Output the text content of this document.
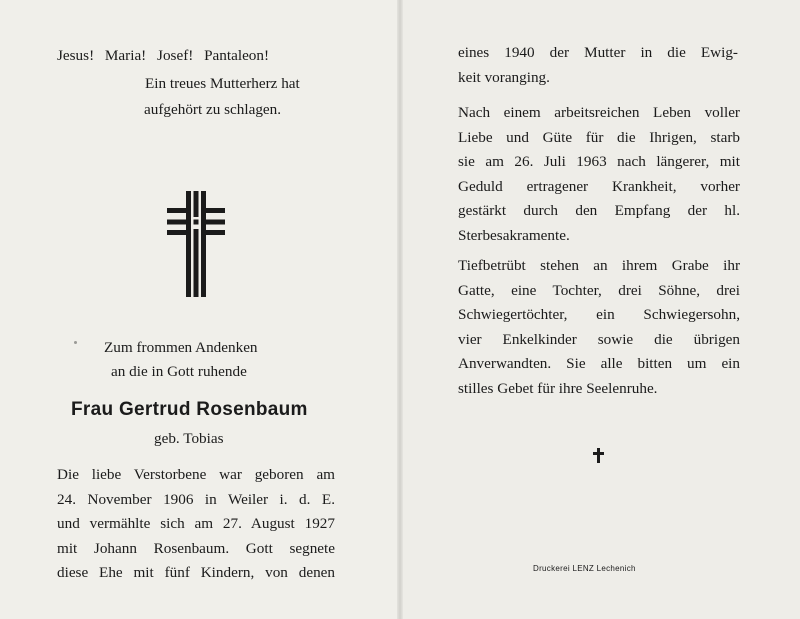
Jesus! Maria! Josef! Pantaleon!
Ein treues Mutterherz hat
aufgehört zu schlagen.
Zum frommen Andenken
an die in Gott ruhende
Frau Gertrud Rosenbaum
geb. Tobias
Die liebe Verstorbene war geboren am
24. November 1906 in Weiler i. d. E.
und vermählte sich am 27. August 1927
mit Johann Rosenbaum. Gott segnete
diese Ehe mit fünf Kindern, von denen
eines 1940 der Mutter in die Ewig-
keit voranging.
Nach einem arbeitsreichen Leben voller
Liebe und Güte für die Ihrigen, starb
sie am 26. Juli 1963 nach längerer, mit
Geduld ertragener Krankheit, vorher
gestärkt durch den Empfang der hl.
Sterbesakramente.
Tiefbetrübt stehen an ihrem Grabe ihr
Gatte, eine Tochter, drei Söhne, drei
Schwiegertöchter, ein Schwiegersohn,
vier Enkelkinder sowie die übrigen
Anverwandten. Sie alle bitten um ein
stilles Gebet für ihre Seelenruhe.
Druckerei LENZ Lechenich
